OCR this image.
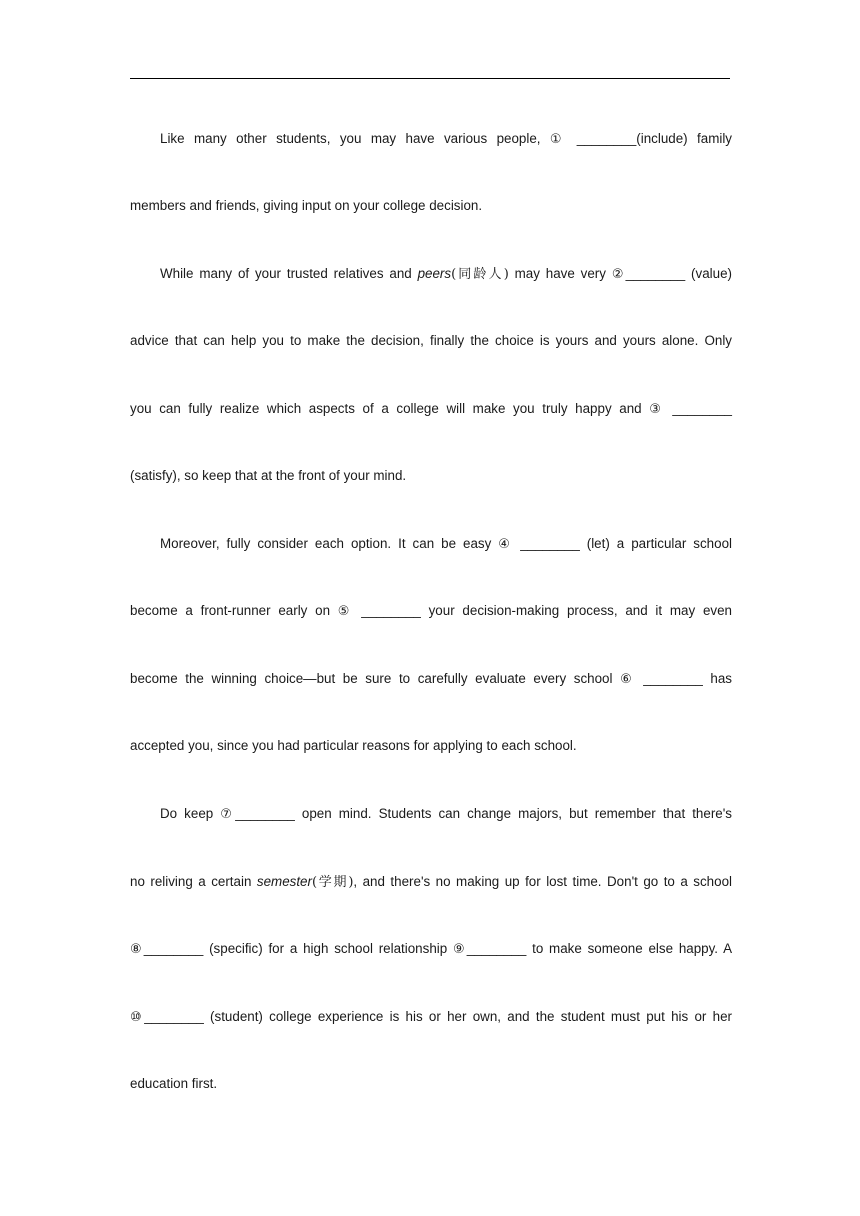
Like many other students, you may have various people, ① ________(include) family
members and friends, giving input on your college decision.
While many of your trusted relatives and peers(同龄人) may have very ②________ (value)
advice that can help you to make the decision, finally the choice is yours and yours alone. Only
you can fully realize which aspects of a college will make you truly happy and ③ ________
(satisfy), so keep that at the front of your mind.
Moreover, fully consider each option. It can be easy ④ ________ (let) a particular school
become a front-runner early on ⑤ ________ your decision-making process, and it may even
become the winning choice—but be sure to carefully evaluate every school ⑥ ________ has
accepted you, since you had particular reasons for applying to each school.
Do keep ⑦________ open mind. Students can change majors, but remember that there's
no reliving a certain semester(学期), and there's no making up for lost time. Don't go to a school
⑧________ (specific) for a high school relationship ⑨________ to make someone else happy. A
⑩________ (student) college experience is his or her own, and the student must put his or her
education first.
